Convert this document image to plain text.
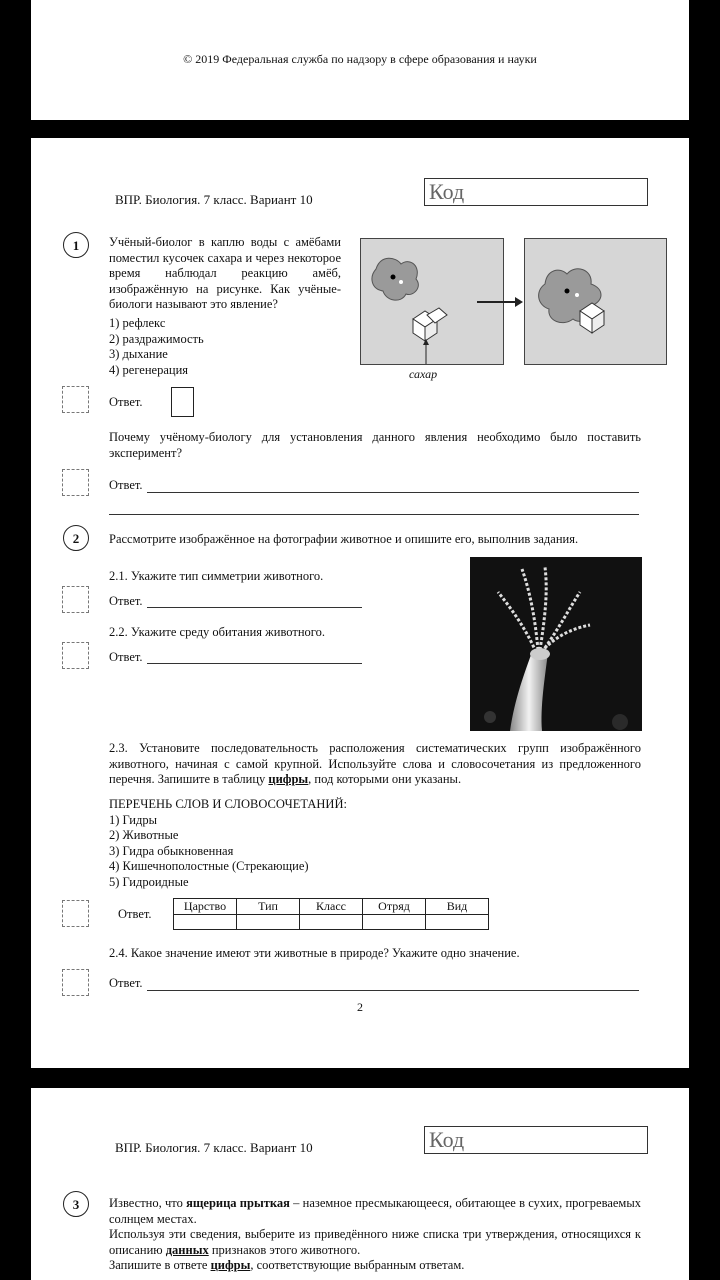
© 2019 Федеральная служба по надзору в сфере образования и науки
ВПР. Биология. 7 класс. Вариант 10	Код
1	Учёный-биолог в каплю воды с амёбами поместил кусочек сахара и через некоторое время наблюдал реакцию амёб, изображённую на рисунке. Как учёные-биологи называют это явление?
1) рефлекс
2) раздражимость
3) дыхание
4) регенерация	сахар
Ответ.
Почему учёному-биологу для установления данного явления необходимо было поставить эксперимент?
Ответ.
2	Рассмотрите изображённое на фотографии животное и опишите его, выполнив задания.
2.1. Укажите тип симметрии животного.
Ответ.
2.2. Укажите среду обитания животного.
Ответ.
2.3. Установите последовательность расположения систематических групп изображённого животного, начиная с самой крупной. Используйте слова и словосочетания из предложенного перечня. Запишите в таблицу цифры, под которыми они указаны.
ПЕРЕЧЕНЬ СЛОВ И СЛОВОСОЧЕТАНИЙ:
1) Гидры
2) Животные
3) Гидра обыкновенная
4) Кишечнополостные (Стрекающие)
5) Гидроидные
Ответ.
Царство	Тип	Класс	Отряд	Вид

2.4. Какое значение имеют эти животные в природе? Укажите одно значение.
Ответ.
2
ВПР. Биология. 7 класс. Вариант 10	Код
3	Известно, что ящерица прыткая – наземное пресмыкающееся, обитающее в сухих, прогреваемых солнцем местах.
Используя эти сведения, выберите из приведённого ниже списка три утверждения, относящихся к описанию данных признаков этого животного.
Запишите в ответе цифры, соответствующие выбранным ответам.
